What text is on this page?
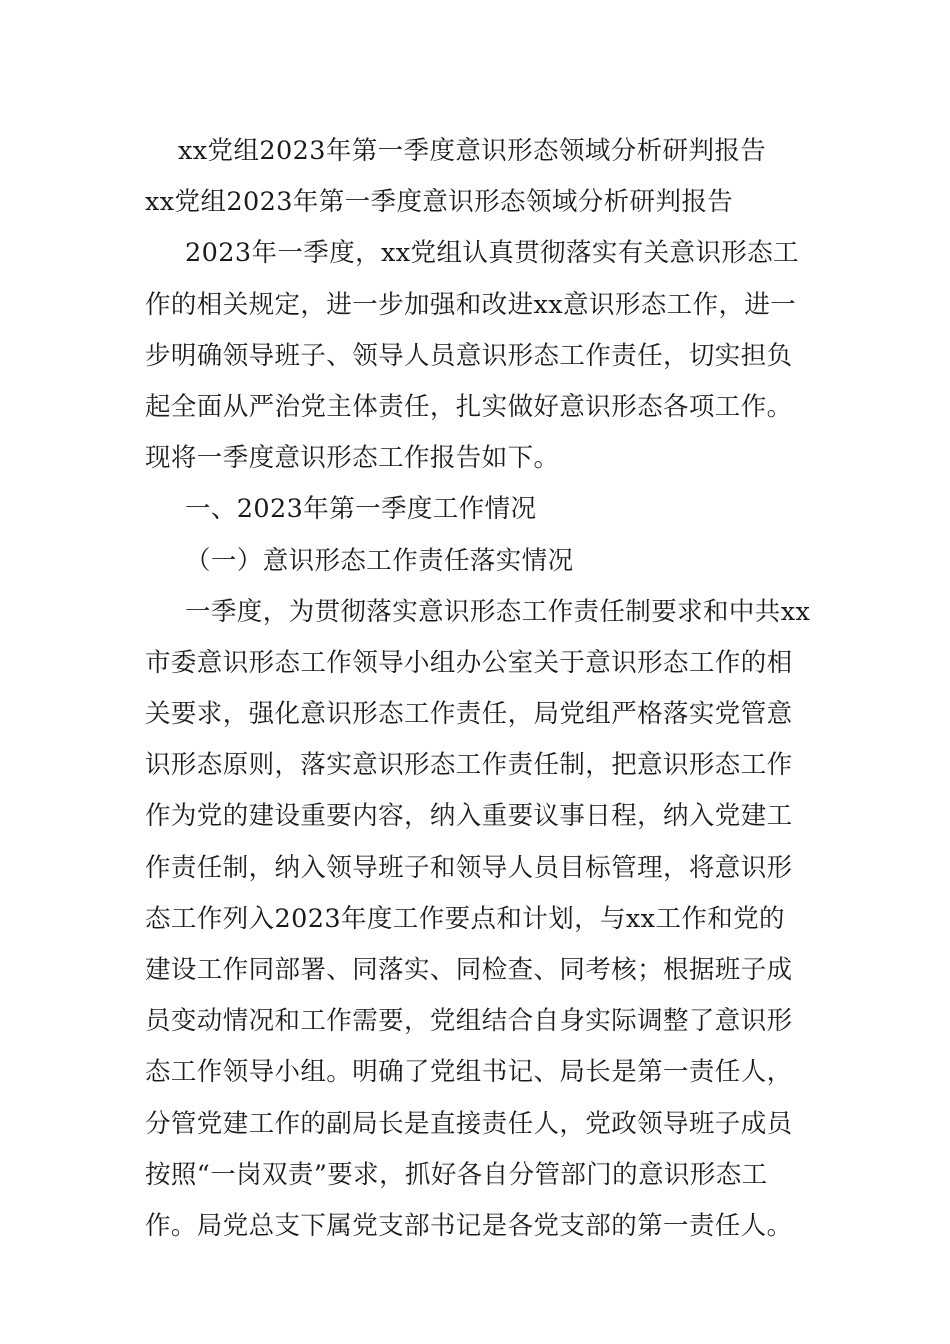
xx党组2023年第一季度意识形态领域分析研判报告
xx党组2023年第一季度意识形态领域分析研判报告
2023年一季度，xx党组认真贯彻落实有关意识形态工
作的相关规定，进一步加强和改进xx意识形态工作，进一
步明确领导班子、领导人员意识形态工作责任，切实担负
起全面从严治党主体责任，扎实做好意识形态各项工作。
现将一季度意识形态工作报告如下。
一、2023年第一季度工作情况
（一）意识形态工作责任落实情况
一季度，为贯彻落实意识形态工作责任制要求和中共xx
市委意识形态工作领导小组办公室关于意识形态工作的相
关要求，强化意识形态工作责任，局党组严格落实党管意
识形态原则，落实意识形态工作责任制，把意识形态工作
作为党的建设重要内容，纳入重要议事日程，纳入党建工
作责任制，纳入领导班子和领导人员目标管理，将意识形
态工作列入2023年度工作要点和计划，与xx工作和党的
建设工作同部署、同落实、同检查、同考核；根据班子成
员变动情况和工作需要，党组结合自身实际调整了意识形
态工作领导小组。明确了党组书记、局长是第一责任人，
分管党建工作的副局长是直接责任人，党政领导班子成员
按照“一岗双责”要求，抓好各自分管部门的意识形态工
作。局党总支下属党支部书记是各党支部的第一责任人。
